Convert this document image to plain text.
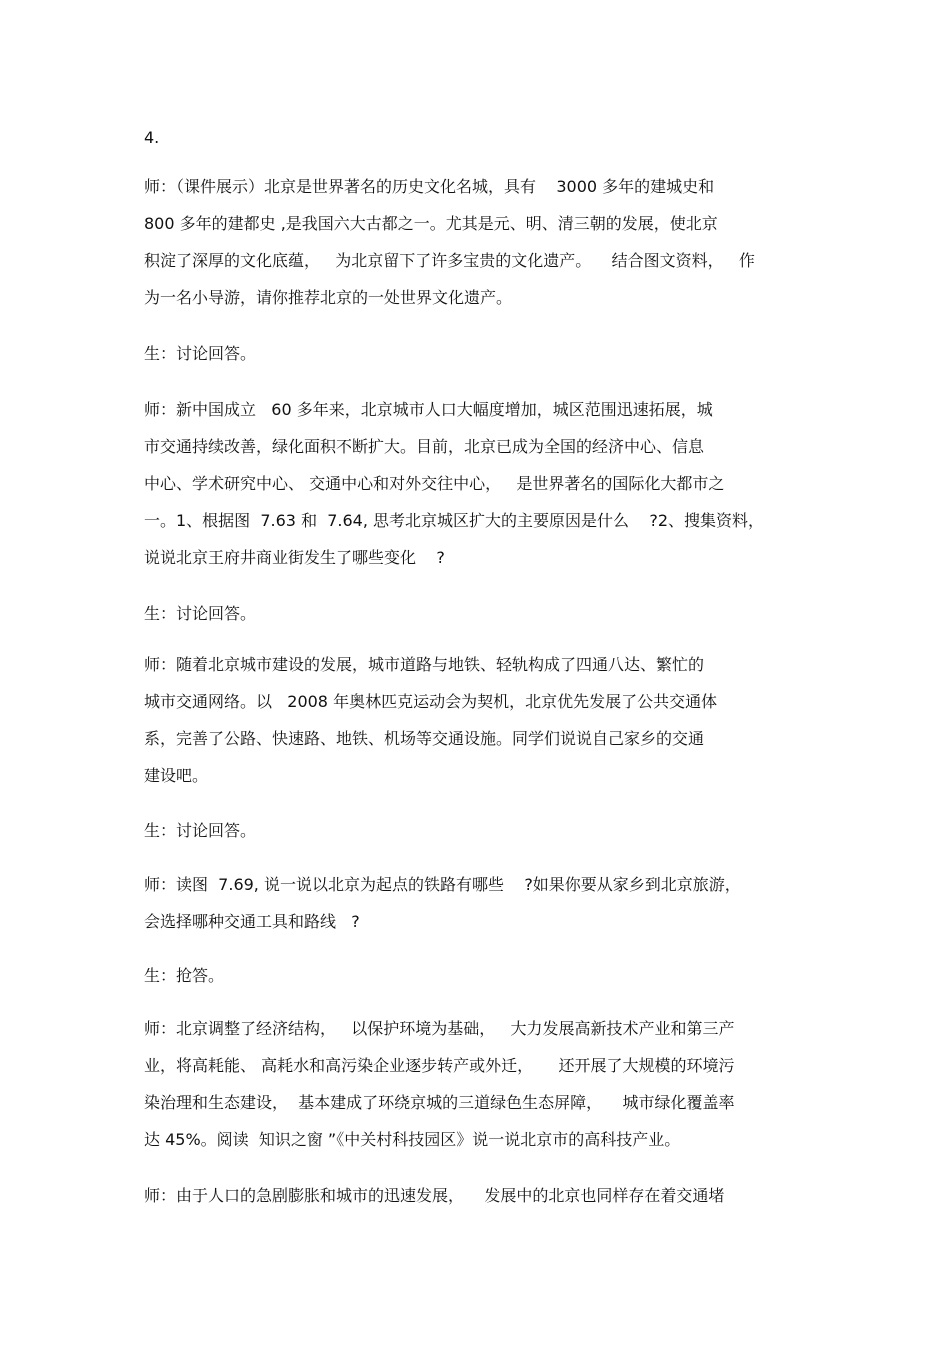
4.
师：（课件展示）北京是世界著名的历史文化名城，具有    3000 多年的建城史和
800 多年的建都史 ,是我国六大古都之一。尤其是元、明、清三朝的发展，使北京
积淀了深厚的文化底蕴，   为北京留下了许多宝贵的文化遗产。    结合图文资料，   作
为一名小导游，请你推荐北京的一处世界文化遗产。
生：讨论回答。
师：新中国成立   60 多年来，北京城市人口大幅度增加，城区范围迅速拓展，城
市交通持续改善，绿化面积不断扩大。目前，北京已成为全国的经济中心、信息
中心、学术研究中心、 交通中心和对外交往中心，   是世界著名的国际化大都市之
一。1、根据图  7.63 和  7.64, 思考北京城区扩大的主要原因是什么    ?2、搜集资料，
说说北京王府井商业街发生了哪些变化    ?
生：讨论回答。
师：随着北京城市建设的发展，城市道路与地铁、轻轨构成了四通八达、繁忙的
城市交通网络。以   2008 年奥林匹克运动会为契机，北京优先发展了公共交通体
系，完善了公路、快速路、地铁、机场等交通设施。同学们说说自己家乡的交通
建设吧。
生：讨论回答。
师：读图  7.69, 说一说以北京为起点的铁路有哪些    ?如果你要从家乡到北京旅游，
会选择哪种交通工具和路线   ?
生：抢答。
师：北京调整了经济结构，   以保护环境为基础，   大力发展高新技术产业和第三产
业，将高耗能、 高耗水和高污染企业逐步转产或外迁，     还开展了大规模的环境污
染治理和生态建设，  基本建成了环绕京城的三道绿色生态屏障，    城市绿化覆盖率
达 45%。阅读  知识之窗 ”《中关村科技园区》说一说北京市的高科技产业。
师：由于人口的急剧膨胀和城市的迅速发展，    发展中的北京也同样存在着交通堵
